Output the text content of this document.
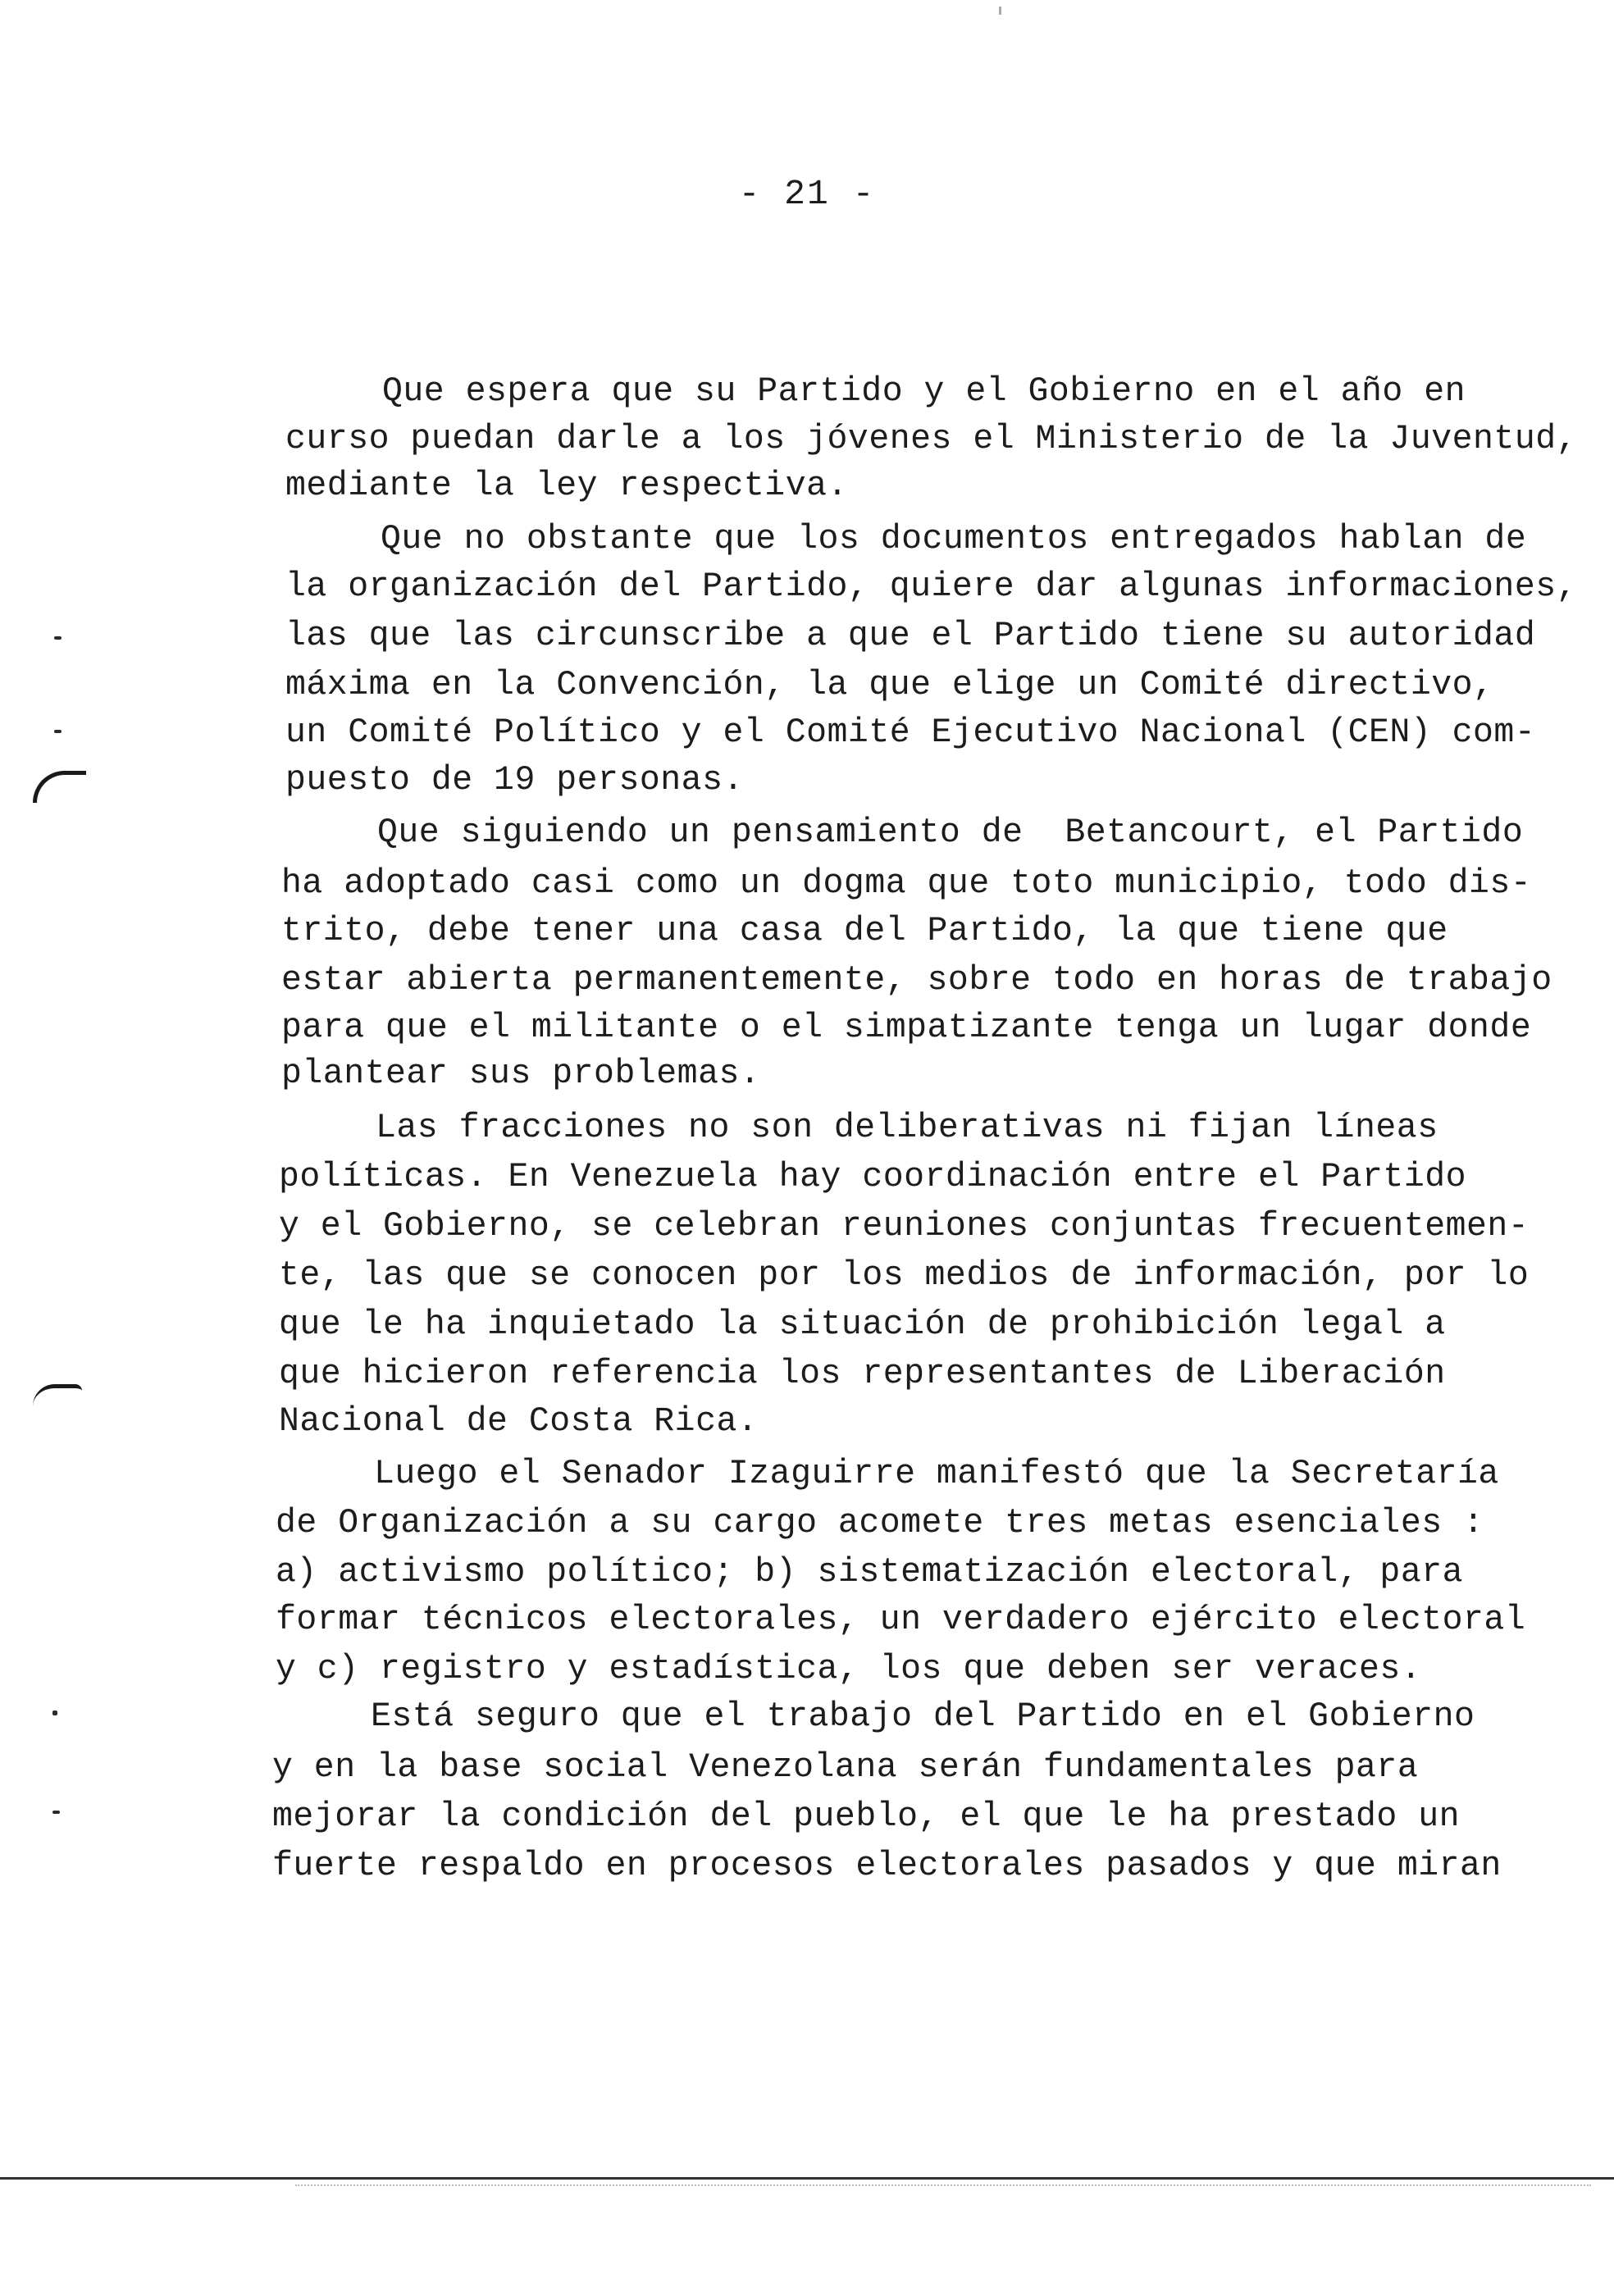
- 21 -
Que espera que su Partido y el Gobierno en el año en
curso puedan darle a los jóvenes el Ministerio de la Juventud,
mediante la ley respectiva.
Que no obstante que los documentos entregados hablan de
la organización del Partido, quiere dar algunas informaciones,
las que las circunscribe a que el Partido tiene su autoridad
máxima en la Convención, la que elige un Comité directivo,
un Comité Político y el Comité Ejecutivo Nacional (CEN) com-
puesto de 19 personas.
Que siguiendo un pensamiento de  Betancourt, el Partido
ha adoptado casi como un dogma que toto municipio, todo dis-
trito, debe tener una casa del Partido, la que tiene que
estar abierta permanentemente, sobre todo en horas de trabajo
para que el militante o el simpatizante tenga un lugar donde
plantear sus problemas.
Las fracciones no son deliberativas ni fijan líneas
políticas. En Venezuela hay coordinación entre el Partido
y el Gobierno, se celebran reuniones conjuntas frecuentemen-
te, las que se conocen por los medios de información, por lo
que le ha inquietado la situación de prohibición legal a
que hicieron referencia los representantes de Liberación
Nacional de Costa Rica.
Luego el Senador Izaguirre manifestó que la Secretaría
de Organización a su cargo acomete tres metas esenciales :
a) activismo político; b) sistematización electoral, para
formar técnicos electorales, un verdadero ejército electoral
y c) registro y estadística, los que deben ser veraces.
Está seguro que el trabajo del Partido en el Gobierno
y en la base social Venezolana serán fundamentales para
mejorar la condición del pueblo, el que le ha prestado un
fuerte respaldo en procesos electorales pasados y que miran
